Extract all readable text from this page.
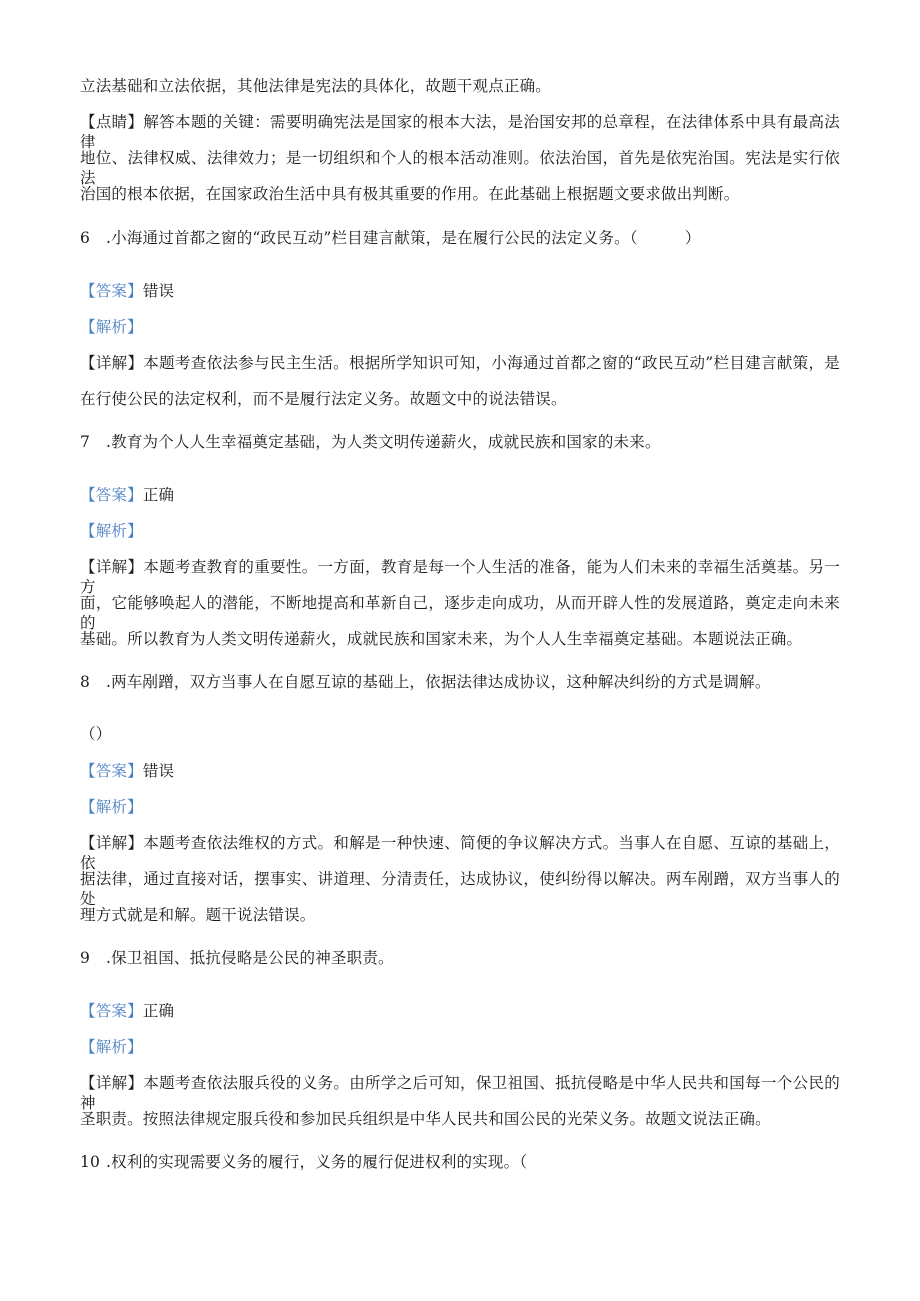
立法基础和立法依据，其他法律是宪法的具体化，故题干观点正确。
【点睛】解答本题的关键：需要明确宪法是国家的根本大法，是治国安邦的总章程，在法律体系中具有最高法律
地位、法律权威、法律效力；是一切组织和个人的根本活动准则。依法治国，首先是依宪治国。宪法是实行依法
治国的根本依据，在国家政治生活中具有极其重要的作用。在此基础上根据题文要求做出判断。
6 .小海通过首都之窗的“政民互动”栏目建言献策，是在履行公民的法定义务。（　　　）
【答案】错误
【解析】
【详解】本题考查依法参与民主生活。根据所学知识可知，小海通过首都之窗的“政民互动”栏目建言献策，是
在行使公民的法定权利，而不是履行法定义务。故题文中的说法错误。
7 .教育为个人人生幸福奠定基础，为人类文明传递薪火，成就民族和国家的未来。
【答案】正确
【解析】
【详解】本题考查教育的重要性。一方面，教育是每一个人生活的准备，能为人们未来的幸福生活奠基。另一方
面，它能够唤起人的潜能，不断地提高和革新自己，逐步走向成功，从而开辟人性的发展道路，奠定走向未来的
基础。所以教育为人类文明传递薪火，成就民族和国家未来，为个人人生幸福奠定基础。本题说法正确。
8 .两车剐蹭，双方当事人在自愿互谅的基础上，依据法律达成协议，这种解决纠纷的方式是调解。
（）
【答案】错误
【解析】
【详解】本题考查依法维权的方式。和解是一种快速、简便的争议解决方式。当事人在自愿、互谅的基础上，依
据法律，通过直接对话，摆事实、讲道理、分清责任，达成协议，使纠纷得以解决。两车剐蹭，双方当事人的处
理方式就是和解。题干说法错误。
9 .保卫祖国、抵抗侵略是公民的神圣职责。
【答案】正确
【解析】
【详解】本题考查依法服兵役的义务。由所学之后可知，保卫祖国、抵抗侵略是中华人民共和国每一个公民的神
圣职责。按照法律规定服兵役和参加民兵组织是中华人民共和国公民的光荣义务。故题文说法正确。
10 .权利的实现需要义务的履行，义务的履行促进权利的实现。（
